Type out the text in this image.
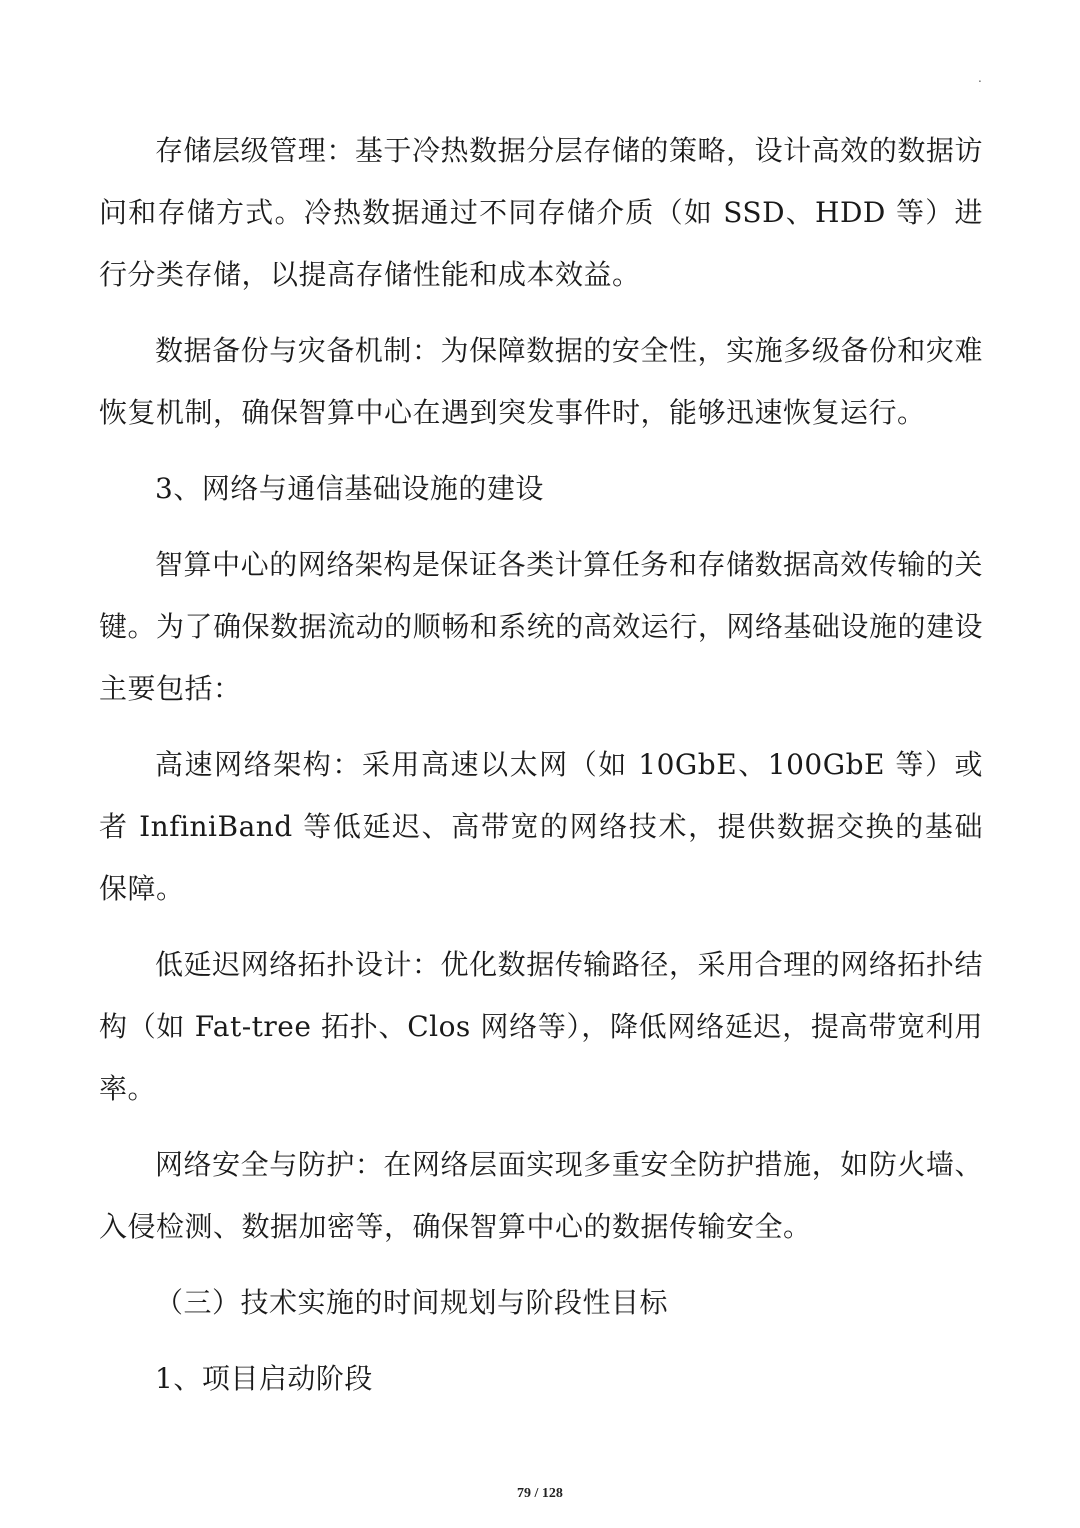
.

存储层级管理：基于冷热数据分层存储的策略，设计高效的数据访问和存储方式。冷热数据通过不同存储介质（如 SSD、HDD 等）进行分类存储，以提高存储性能和成本效益。

数据备份与灾备机制：为保障数据的安全性，实施多级备份和灾难恢复机制，确保智算中心在遇到突发事件时，能够迅速恢复运行。

3、网络与通信基础设施的建设

智算中心的网络架构是保证各类计算任务和存储数据高效传输的关键。为了确保数据流动的顺畅和系统的高效运行，网络基础设施的建设主要包括：

高速网络架构：采用高速以太网（如 10GbE、100GbE 等）或者 InfiniBand 等低延迟、高带宽的网络技术，提供数据交换的基础保障。

低延迟网络拓扑设计：优化数据传输路径，采用合理的网络拓扑结构（如 Fat-tree 拓扑、Clos 网络等），降低网络延迟，提高带宽利用率。

网络安全与防护：在网络层面实现多重安全防护措施，如防火墙、入侵检测、数据加密等，确保智算中心的数据传输安全。

（三）技术实施的时间规划与阶段性目标

1、项目启动阶段

79 / 128
